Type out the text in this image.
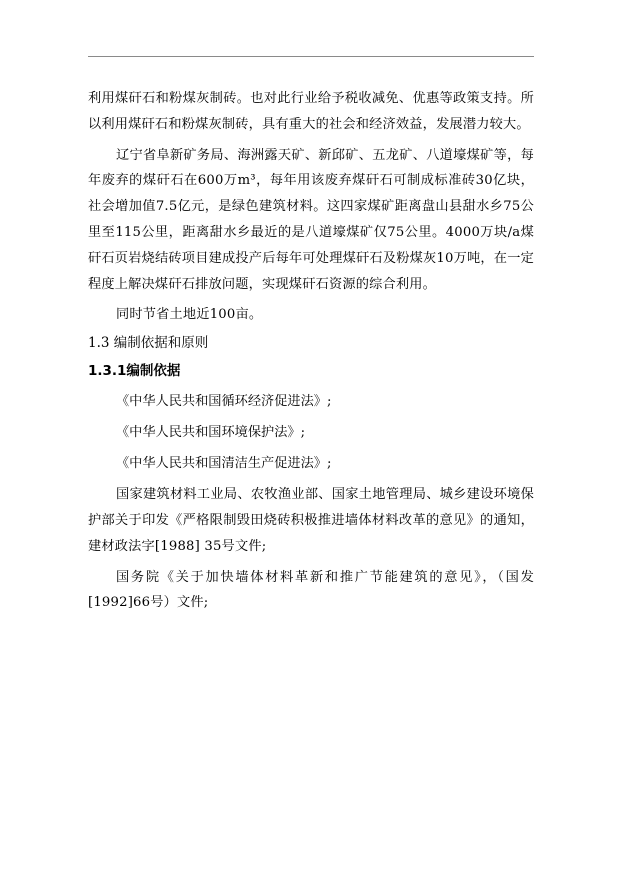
利用煤矸石和粉煤灰制砖。也对此行业给予税收减免、优惠等政策支持。所以利用煤矸石和粉煤灰制砖，具有重大的社会和经济效益，发展潜力较大。

辽宁省阜新矿务局、海洲露天矿、新邱矿、五龙矿、八道壕煤矿等，每年废弃的煤矸石在600万m³，每年用该废弃煤矸石可制成标准砖30亿块，社会增加值7.5亿元，是绿色建筑材料。这四家煤矿距离盘山县甜水乡75公里至115公里，距离甜水乡最近的是八道壕煤矿仅75公里。4000万块/a煤矸石页岩烧结砖项目建成投产后每年可处理煤矸石及粉煤灰10万吨，在一定程度上解决煤矸石排放问题，实现煤矸石资源的综合利用。

同时节省土地近100亩。

1.3 编制依据和原则
1.3.1编制依据
《中华人民共和国循环经济促进法》;
《中华人民共和国环境保护法》;
《中华人民共和国清洁生产促进法》;

国家建筑材料工业局、农牧渔业部、国家土地管理局、城乡建设环境保护部关于印发《严格限制毁田烧砖积极推进墙体材料改革的意见》的通知，建材政法字[1988] 35号文件;

国务院《关于加快墙体材料革新和推广节能建筑的意见》，（国发[1992]66号）文件;
